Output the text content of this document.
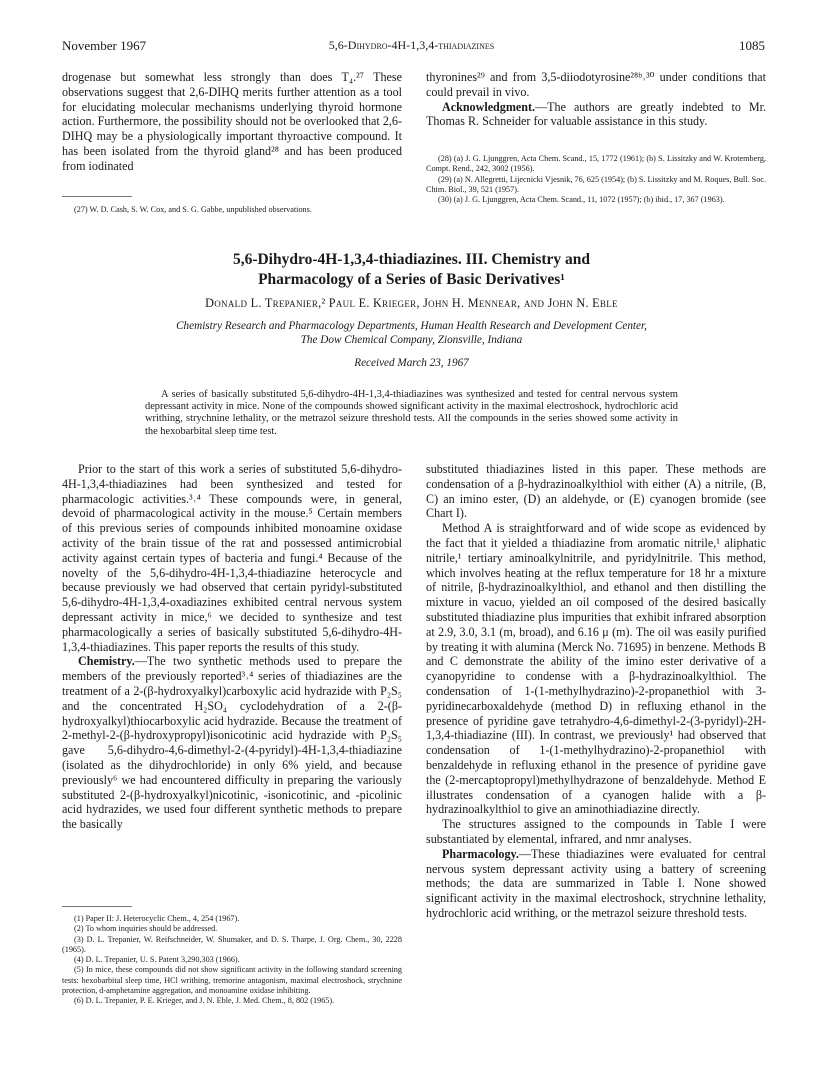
November 1967	5,6-Dihydro-4H-1,3,4-thiadiazines	1085

drogenase but somewhat less strongly than does T₄.²⁷ These observations suggest that 2,6-DIHQ merits further attention as a tool for elucidating molecular mechanisms underlying thyroid hormone action. Furthermore, the possibility should not be overlooked that 2,6-DIHQ may be a physiologically important thyroactive compound. It has been isolated from the thyroid gland²⁸ and has been produced from iodinated

(27) W. D. Cash, S. W. Cox, and S. G. Gabbe, unpublished observations.

thyronines²⁹ and from 3,5-diiodotyrosine²⁸ᵇ˒³⁰ under conditions that could prevail in vivo.

Acknowledgment.—The authors are greatly indebted to Mr. Thomas R. Schneider for valuable assistance in this study.

(28) (a) J. G. Ljunggren, Acta Chem. Scand., 15, 1772 (1961); (b) S. Lissitzky and W. Krotemberg, Compt. Rend., 242, 3002 (1956).

(29) (a) N. Allegretti, Lijecnicki Vjesnik, 76, 625 (1954); (b) S. Lissitzky and M. Roques, Bull. Soc. Chim. Biol., 39, 521 (1957).

(30) (a) J. G. Ljunggren, Acta Chem. Scand., 11, 1072 (1957); (b) ibid., 17, 367 (1963).

5,6-Dihydro-4H-1,3,4-thiadiazines. III. Chemistry and
Pharmacology of a Series of Basic Derivatives¹
Donald L. Trepanier,² Paul E. Krieger, John H. Mennear, and John N. Eble
Chemistry Research and Pharmacology Departments, Human Health Research and Development Center,
The Dow Chemical Company, Zionsville, Indiana
Received March 23, 1967

A series of basically substituted 5,6-dihydro-4H-1,3,4-thiadiazines was synthesized and tested for central nervous system depressant activity in mice. None of the compounds showed significant activity in the maximal electroshock, hydrochloric acid writhing, strychnine lethality, or the metrazol seizure threshold tests. All the compounds in the series showed some activity in the hexobarbital sleep time test.

Prior to the start of this work a series of substituted 5,6-dihydro-4H-1,3,4-thiadiazines had been synthesized and tested for pharmacologic activities.³˒⁴ These compounds were, in general, devoid of pharmacological activity in the mouse.⁵ Certain members of this previous series of compounds inhibited monoamine oxidase activity of the brain tissue of the rat and possessed antimicrobial activity against certain types of bacteria and fungi.⁴ Because of the novelty of the 5,6-dihydro-4H-1,3,4-thiadiazine heterocycle and because previously we had observed that certain pyridyl-substituted 5,6-dihydro-4H-1,3,4-oxadiazines exhibited central nervous system depressant activity in mice,⁶ we decided to synthesize and test pharmacologically a series of basically substituted 5,6-dihydro-4H-1,3,4-thiadiazines. This paper reports the results of this study.

Chemistry.—The two synthetic methods used to prepare the members of the previously reported³˒⁴ series of thiadiazines are the treatment of a 2-(β-hydroxyalkyl)carboxylic acid hydrazide with P₂S₅ and the concentrated H₂SO₄ cyclodehydration of a 2-(β-hydroxyalkyl)thiocarboxylic acid hydrazide. Because the treatment of 2-methyl-2-(β-hydroxypropyl)isonicotinic acid hydrazide with P₂S₅ gave 5,6-dihydro-4,6-dimethyl-2-(4-pyridyl)-4H-1,3,4-thiadiazine (isolated as the dihydrochloride) in only 6% yield, and because previously⁶ we had encountered difficulty in preparing the variously substituted 2-(β-hydroxyalkyl)nicotinic, -isonicotinic, and -picolinic acid hydrazides, we used four different synthetic methods to prepare the basically

(1) Paper II: J. Heterocyclic Chem., 4, 254 (1967).

(2) To whom inquiries should be addressed.

(3) D. L. Trepanier, W. Reifschneider, W. Shumaker, and D. S. Tharpe, J. Org. Chem., 30, 2228 (1965).

(4) D. L. Trepanier, U. S. Patent 3,290,303 (1966).

(5) In mice, these compounds did not show significant activity in the following standard screening tests: hexobarbital sleep time, HCl writhing, tremorine antagonism, maximal electroshock, strychnine protection, d-amphetamine aggregation, and monoamine oxidase inhibiting.

(6) D. L. Trepanier, P. E. Krieger, and J. N. Eble, J. Med. Chem., 8, 802 (1965).

substituted thiadiazines listed in this paper. These methods are condensation of a β-hydrazinoalkylthiol with either (A) a nitrile, (B, C) an imino ester, (D) an aldehyde, or (E) cyanogen bromide (see Chart I).

Method A is straightforward and of wide scope as evidenced by the fact that it yielded a thiadiazine from aromatic nitrile,¹ aliphatic nitrile,¹ tertiary aminoalkylnitrile, and pyridylnitrile. This method, which involves heating at the reflux temperature for 18 hr a mixture of nitrile, β-hydrazinoalkylthiol, and ethanol and then distilling the mixture in vacuo, yielded an oil composed of the desired basically substituted thiadiazine plus impurities that exhibit infrared absorption at 2.9, 3.0, 3.1 (m, broad), and 6.16 μ (m). The oil was easily purified by treating it with alumina (Merck No. 71695) in benzene. Methods B and C demonstrate the ability of the imino ester derivative of a cyanopyridine to condense with a β-hydrazinoalkylthiol. The condensation of 1-(1-methylhydrazino)-2-propanethiol with 3-pyridinecarboxaldehyde (method D) in refluxing ethanol in the presence of pyridine gave tetrahydro-4,6-dimethyl-2-(3-pyridyl)-2H-1,3,4-thiadiazine (III). In contrast, we previously¹ had observed that condensation of 1-(1-methylhydrazino)-2-propanethiol with benzaldehyde in refluxing ethanol in the presence of pyridine gave the (2-mercaptopropyl)methylhydrazone of benzaldehyde. Method E illustrates condensation of a cyanogen halide with a β-hydrazinoalkylthiol to give an aminothiadiazine directly.

The structures assigned to the compounds in Table I were substantiated by elemental, infrared, and nmr analyses.

Pharmacology.—These thiadiazines were evaluated for central nervous system depressant activity using a battery of screening methods; the data are summarized in Table I. None showed significant activity in the maximal electroshock, strychnine lethality, hydrochloric acid writhing, or the metrazol seizure threshold tests.
